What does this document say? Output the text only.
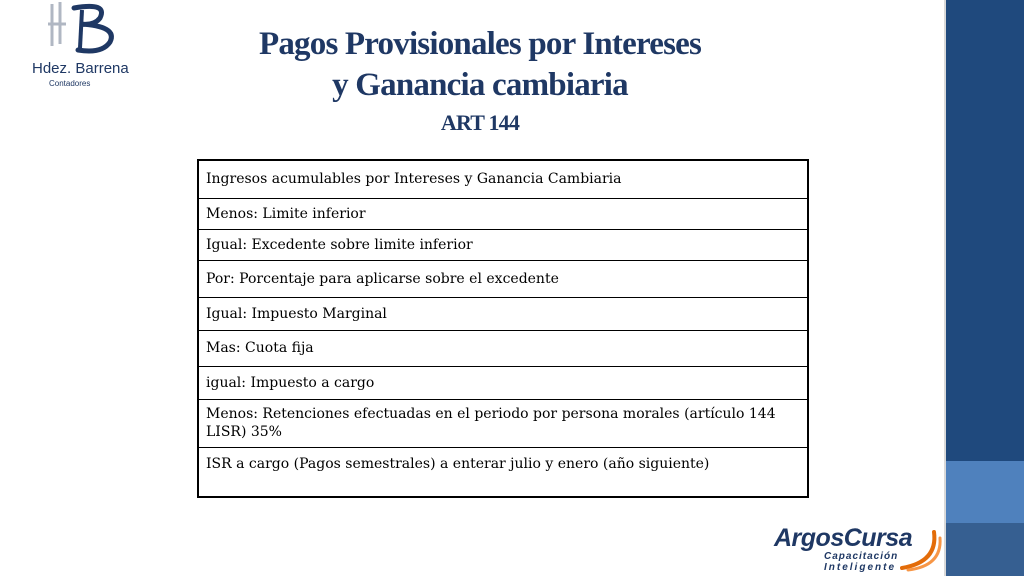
Hdez. Barrena
Contadores
Pagos Provisionales por Intereses
y Ganancia cambiaria
ART 144
Ingresos acumulables por Intereses y Ganancia Cambiaria
Menos: Limite inferior
Igual: Excedente sobre limite inferior
Por: Porcentaje para aplicarse sobre el excedente
Igual: Impuesto Marginal
Mas: Cuota fija
igual: Impuesto a cargo
Menos: Retenciones efectuadas en el periodo por persona morales (artículo 144 LISR) 35%
ISR a cargo (Pagos semestrales) a enterar julio y enero (año siguiente)
ArgosCursa
Capacitación
Inteligente
